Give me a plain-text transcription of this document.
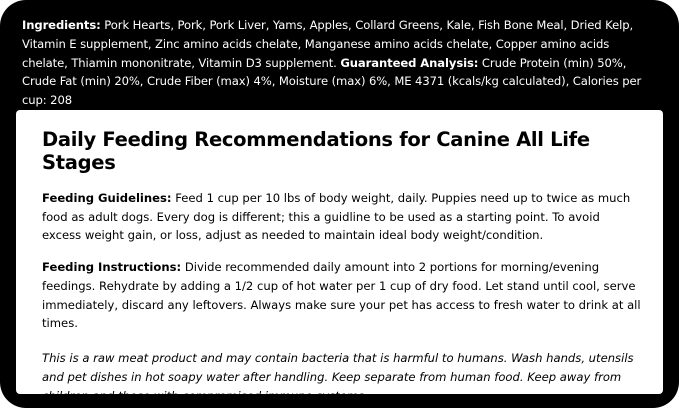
Ingredients: Pork Hearts, Pork, Pork Liver, Yams, Apples, Collard Greens, Kale, Fish Bone Meal, Dried Kelp, Vitamin E supplement, Zinc amino acids chelate, Manganese amino acids chelate, Copper amino acids chelate, Thiamin mononitrate, Vitamin D3 supplement. Guaranteed Analysis: Crude Protein (min) 50%, Crude Fat (min) 20%, Crude Fiber (max) 4%, Moisture (max) 6%, ME 4371 (kcals/kg calculated), Calories per cup: 208
Daily Feeding Recommendations for Canine All Life Stages

Feeding Guidelines: Feed 1 cup per 10 lbs of body weight, daily. Puppies need up to twice as much food as adult dogs. Every dog is different; this a guidline to be used as a starting point. To avoid excess weight gain, or loss, adjust as needed to maintain ideal body weight/condition.

Feeding Instructions: Divide recommended daily amount into 2 portions for morning/evening feedings. Rehydrate by adding a 1/2 cup of hot water per 1 cup of dry food. Let stand until cool, serve immediately, discard any leftovers. Always make sure your pet has access to fresh water to drink at all times.

This is a raw meat product and may contain bacteria that is harmful to humans. Wash hands, utensils and pet dishes in hot soapy water after handling. Keep separate from human food. Keep away from children and those with compromised immune systems.
